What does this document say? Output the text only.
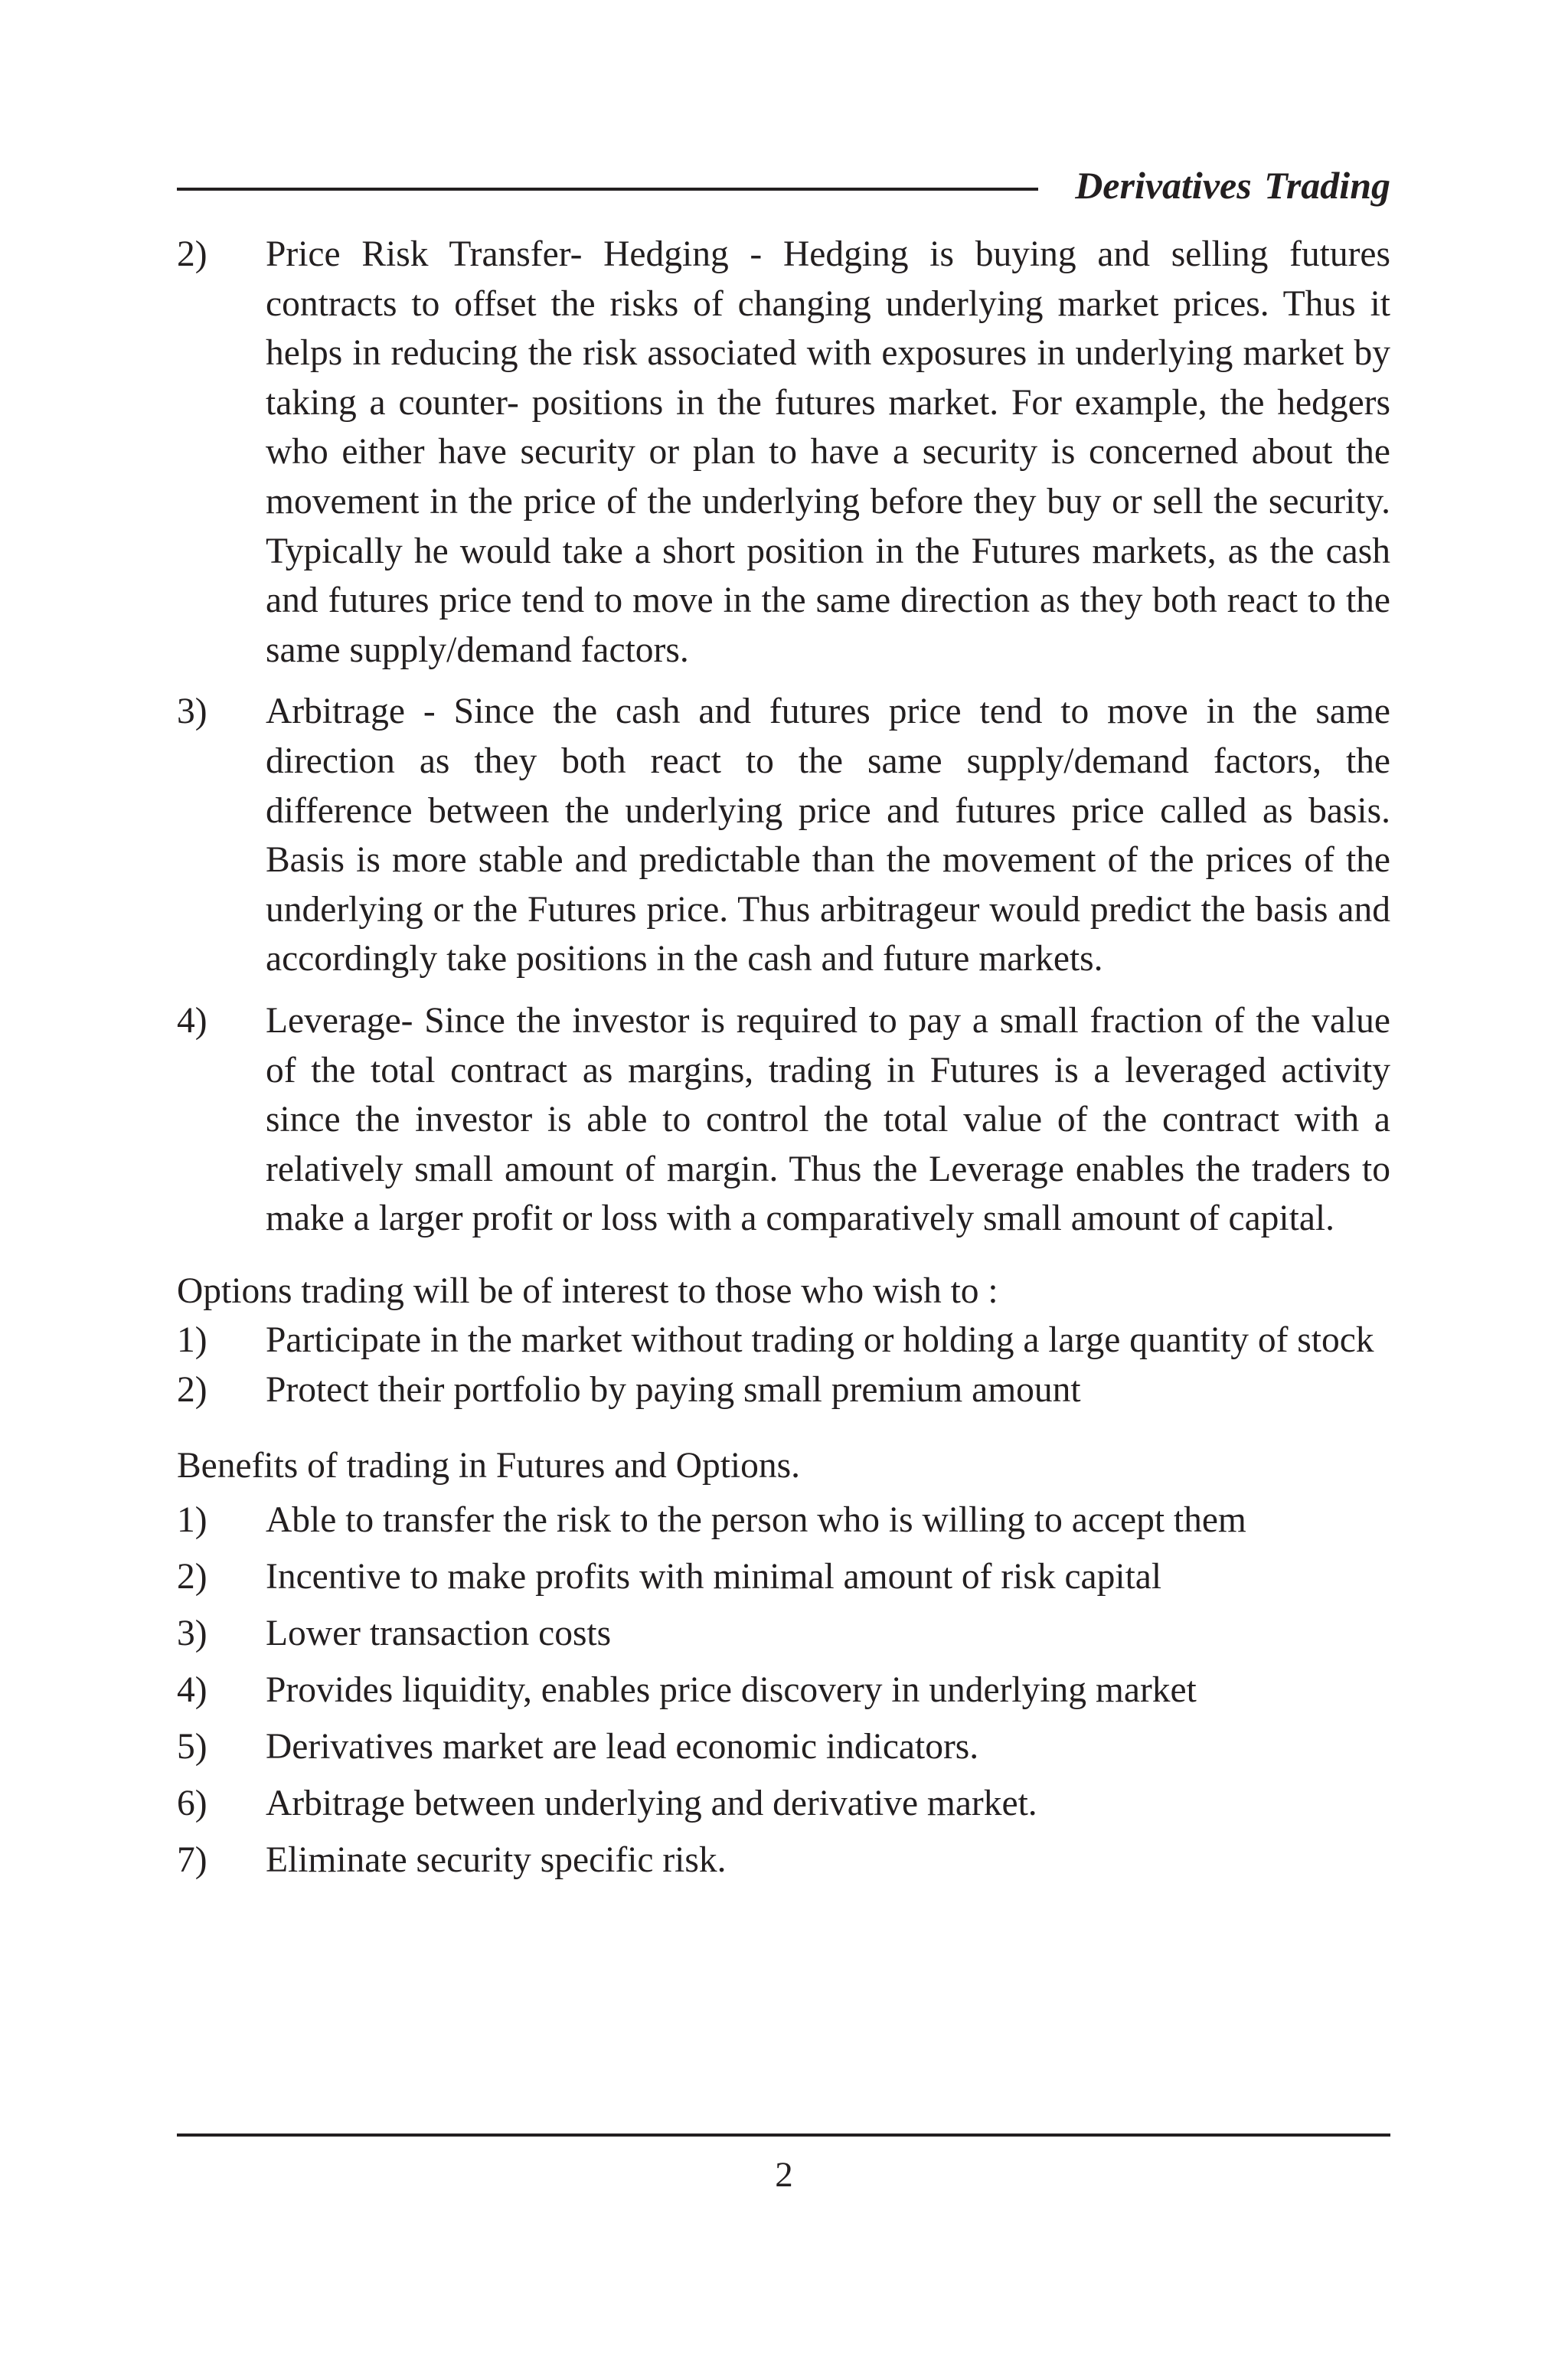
Derivatives Trading
2)	Price Risk Transfer- Hedging - Hedging is buying and selling futures contracts to offset the risks of changing underlying market prices. Thus it helps in reducing the risk associated with exposures in underlying market by taking a counter- positions in the futures market. For example, the hedgers who either have security or plan to have a security is concerned about the movement in the price of the underlying before they buy or sell the security. Typically he would take a short position in the Futures markets, as the cash and futures price tend to move in the same direction as they both react to the same supply/demand factors.
3)	Arbitrage - Since the cash and futures price tend to move in the same direction as they both react to the same supply/demand factors, the difference between the underlying price and futures price called as basis. Basis is more stable and predictable than the movement of the prices of the underlying or the Futures price. Thus arbitrageur would predict the basis and accordingly take positions in the cash and future markets.
4)	Leverage- Since the investor is required to pay a small fraction of the value of the total contract as margins, trading in Futures is a leveraged activity since the investor is able to control the total value of the contract with a relatively small amount of margin. Thus the Leverage enables the traders to make a larger profit or loss with a comparatively small amount of capital.
Options trading will be of interest to those who wish to :
1)	Participate in the market without trading or holding a large quantity of stock
2)	Protect their portfolio by paying small premium amount
Benefits of trading in Futures and Options.
1)	Able to transfer the risk to the person who is willing to accept them
2)	Incentive to make profits with minimal amount of risk capital
3)	Lower transaction costs
4)	Provides liquidity, enables price discovery in underlying market
5)	Derivatives market are lead economic indicators.
6)	Arbitrage between underlying and derivative market.
7)	Eliminate security specific risk.
2
